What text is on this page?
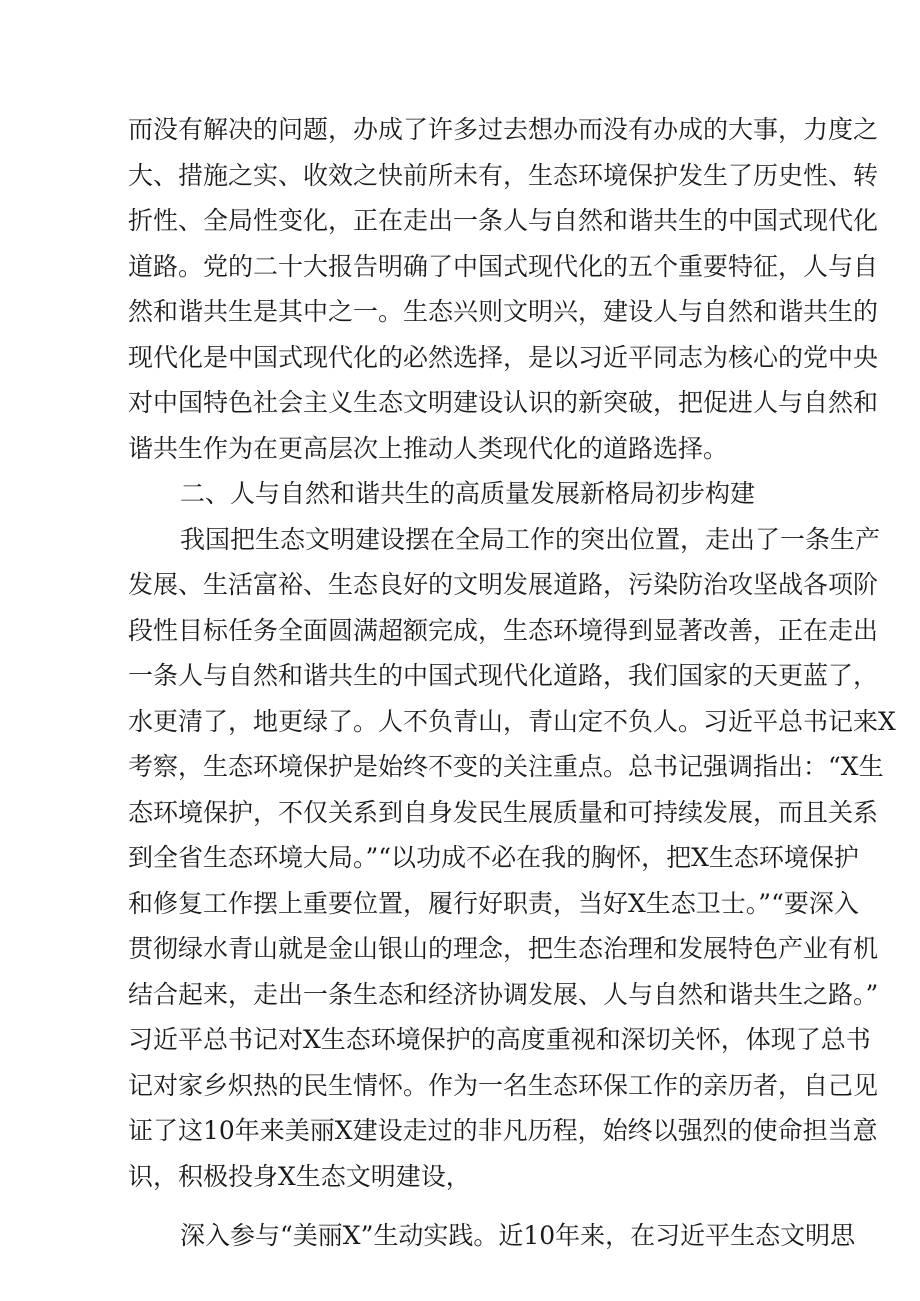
而没有解决的问题，办成了许多过去想办而没有办成的大事，力度之

大、措施之实、收效之快前所未有，生态环境保护发生了历史性、转

折性、全局性变化，正在走出一条人与自然和谐共生的中国式现代化

道路。党的二十大报告明确了中国式现代化的五个重要特征，人与自

然和谐共生是其中之一。生态兴则文明兴，建设人与自然和谐共生的

现代化是中国式现代化的必然选择，是以习近平同志为核心的党中央

对中国特色社会主义生态文明建设认识的新突破，把促进人与自然和

谐共生作为在更高层次上推动人类现代化的道路选择。

二、人与自然和谐共生的高质量发展新格局初步构建

我国把生态文明建设摆在全局工作的突出位置，走出了一条生产

发展、生活富裕、生态良好的文明发展道路，污染防治攻坚战各项阶

段性目标任务全面圆满超额完成，生态环境得到显著改善，正在走出

一条人与自然和谐共生的中国式现代化道路，我们国家的天更蓝了，

水更清了，地更绿了。人不负青山，青山定不负人。习近平总书记来X

考察，生态环境保护是始终不变的关注重点。总书记强调指出：“X生

态环境保护，不仅关系到自身发民生展质量和可持续发展，而且关系

到全省生态环境大局。”“以功成不必在我的胸怀，把X生态环境保护

和修复工作摆上重要位置，履行好职责，当好X生态卫士。”“要深入

贯彻绿水青山就是金山银山的理念，把生态治理和发展特色产业有机

结合起来，走出一条生态和经济协调发展、人与自然和谐共生之路。”

习近平总书记对X生态环境保护的高度重视和深切关怀，体现了总书

记对家乡炽热的民生情怀。作为一名生态环保工作的亲历者，自己见

证了这10年来美丽X建设走过的非凡历程，始终以强烈的使命担当意

识，积极投身X生态文明建设，

深入参与“美丽X”生动实践。近10年来，在习近平生态文明思
